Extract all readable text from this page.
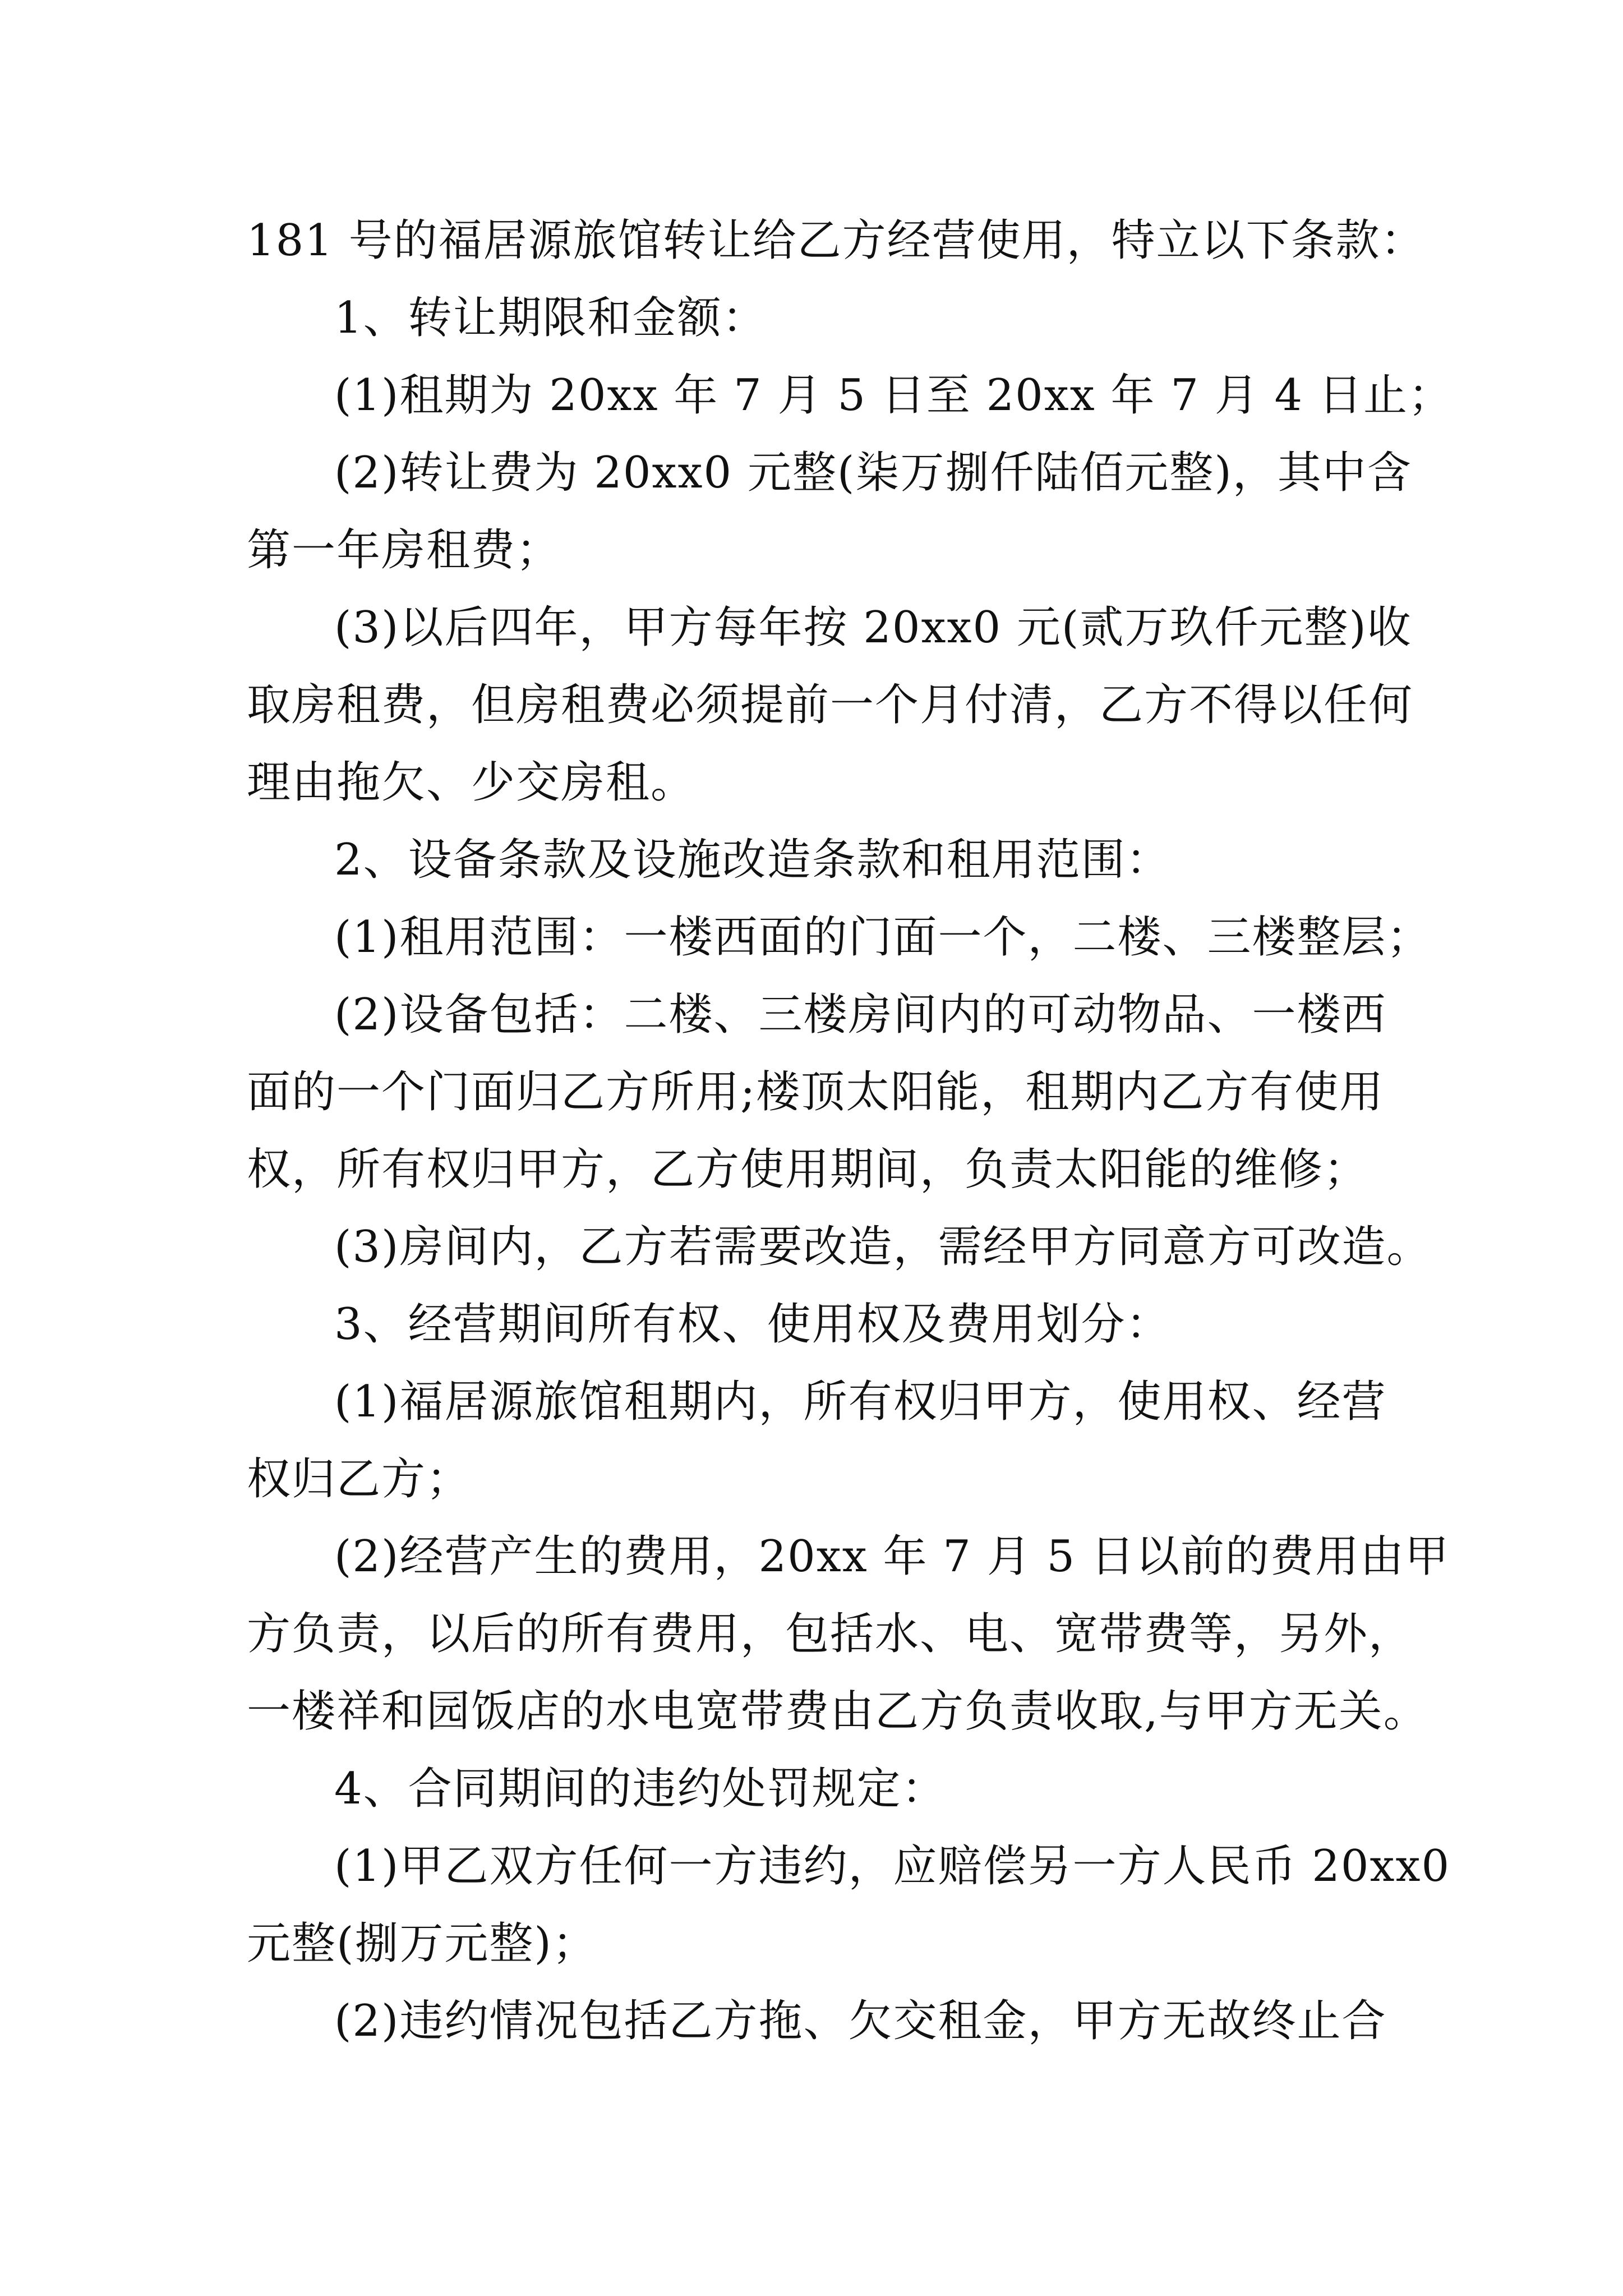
181 号的福居源旅馆转让给乙方经营使用，特立以下条款：
1、转让期限和金额：
(1)租期为 20xx 年 7 月 5 日至 20xx 年 7 月 4 日止；
(2)转让费为 20xx0 元整(柒万捌仟陆佰元整)，其中含
第一年房租费；
(3)以后四年，甲方每年按 20xx0 元(贰万玖仟元整)收
取房租费，但房租费必须提前一个月付清，乙方不得以任何
理由拖欠、少交房租。
2、设备条款及设施改造条款和租用范围：
(1)租用范围：一楼西面的门面一个，二楼、三楼整层；
(2)设备包括：二楼、三楼房间内的可动物品、一楼西
面的一个门面归乙方所用;楼顶太阳能，租期内乙方有使用
权，所有权归甲方，乙方使用期间，负责太阳能的维修；
(3)房间内，乙方若需要改造，需经甲方同意方可改造。
3、经营期间所有权、使用权及费用划分：
(1)福居源旅馆租期内，所有权归甲方，使用权、经营
权归乙方；
(2)经营产生的费用，20xx 年 7 月 5 日以前的费用由甲
方负责，以后的所有费用，包括水、电、宽带费等，另外，
一楼祥和园饭店的水电宽带费由乙方负责收取,与甲方无关。
4、合同期间的违约处罚规定：
(1)甲乙双方任何一方违约，应赔偿另一方人民币 20xx0
元整(捌万元整)；
(2)违约情况包括乙方拖、欠交租金，甲方无故终止合
